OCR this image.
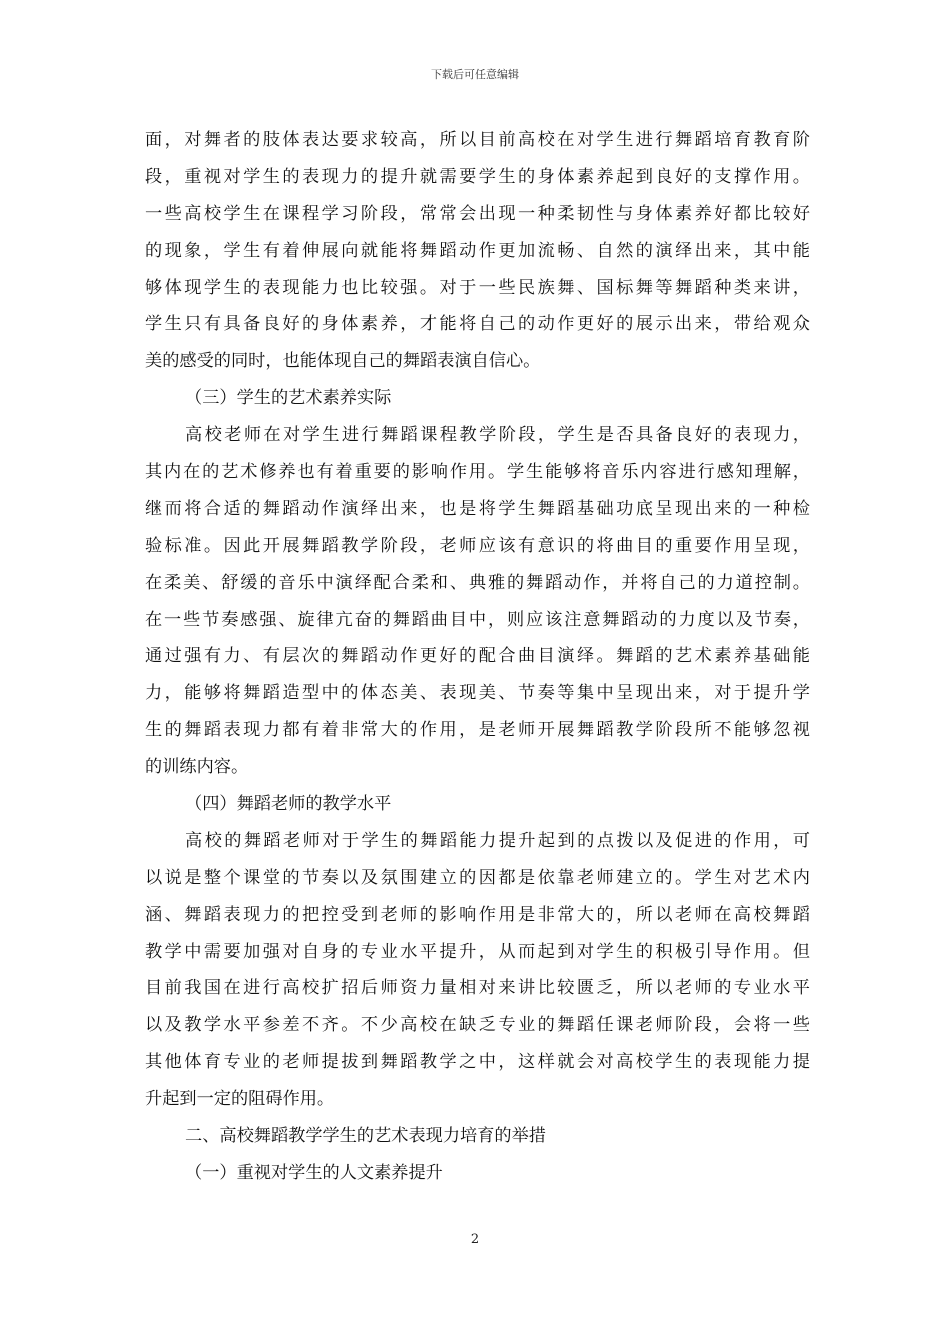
下载后可任意编辑
面，对舞者的肢体表达要求较高，所以目前高校在对学生进行舞蹈培育教育阶
段，重视对学生的表现力的提升就需要学生的身体素养起到良好的支撑作用。
一些高校学生在课程学习阶段，常常会出现一种柔韧性与身体素养好都比较好
的现象，学生有着伸展向就能将舞蹈动作更加流畅、自然的演绎出来，其中能
够体现学生的表现能力也比较强。对于一些民族舞、国标舞等舞蹈种类来讲，
学生只有具备良好的身体素养，才能将自己的动作更好的展示出来，带给观众
美的感受的同时，也能体现自己的舞蹈表演自信心。
（三）学生的艺术素养实际
高校老师在对学生进行舞蹈课程教学阶段，学生是否具备良好的表现力，
其内在的艺术修养也有着重要的影响作用。学生能够将音乐内容进行感知理解，
继而将合适的舞蹈动作演绎出来，也是将学生舞蹈基础功底呈现出来的一种检
验标准。因此开展舞蹈教学阶段，老师应该有意识的将曲目的重要作用呈现，
在柔美、舒缓的音乐中演绎配合柔和、典雅的舞蹈动作，并将自己的力道控制。
在一些节奏感强、旋律亢奋的舞蹈曲目中，则应该注意舞蹈动的力度以及节奏，
通过强有力、有层次的舞蹈动作更好的配合曲目演绎。舞蹈的艺术素养基础能
力，能够将舞蹈造型中的体态美、表现美、节奏等集中呈现出来，对于提升学
生的舞蹈表现力都有着非常大的作用，是老师开展舞蹈教学阶段所不能够忽视
的训练内容。
（四）舞蹈老师的教学水平
高校的舞蹈老师对于学生的舞蹈能力提升起到的点拨以及促进的作用，可
以说是整个课堂的节奏以及氛围建立的因都是依靠老师建立的。学生对艺术内
涵、舞蹈表现力的把控受到老师的影响作用是非常大的，所以老师在高校舞蹈
教学中需要加强对自身的专业水平提升，从而起到对学生的积极引导作用。但
目前我国在进行高校扩招后师资力量相对来讲比较匮乏，所以老师的专业水平
以及教学水平参差不齐。不少高校在缺乏专业的舞蹈任课老师阶段，会将一些
其他体育专业的老师提拔到舞蹈教学之中，这样就会对高校学生的表现能力提
升起到一定的阻碍作用。
二、高校舞蹈教学学生的艺术表现力培育的举措
（一）重视对学生的人文素养提升
2
